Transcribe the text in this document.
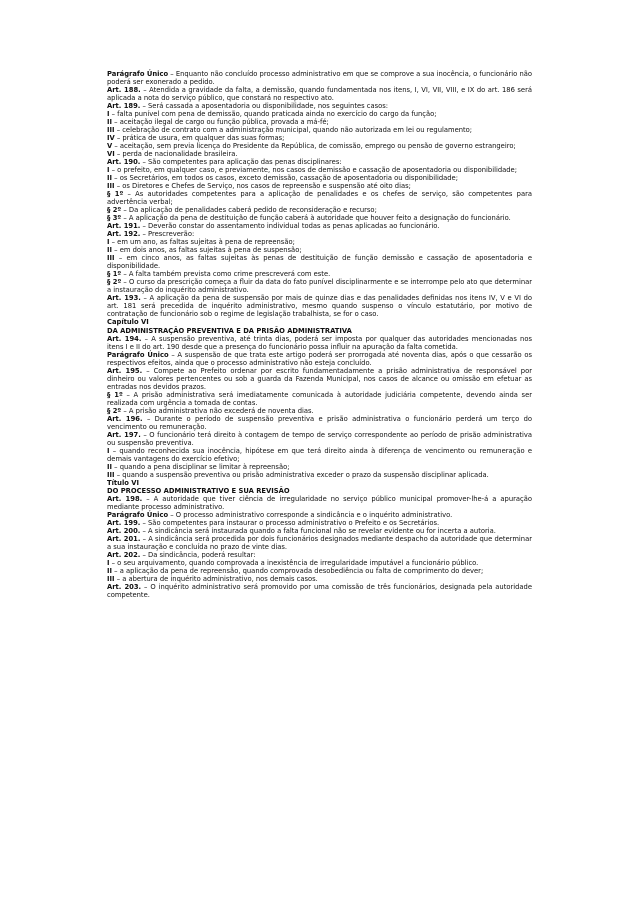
Parágrafo Único – Enquanto não concluído processo administrativo em que se comprove a sua inocência, o funcionário não poderá ser exonerado a pedido.

Art. 188. – Atendida a gravidade da falta, a demissão, quando fundamentada nos itens, I, VI, VII, VIII, e IX do art. 186 será aplicada a nota do serviço público, que constará no respectivo ato.

Art. 189. – Será cassada a aposentadoria ou disponibilidade, nos seguintes casos:

I – falta punível com pena de demissão, quando praticada ainda no exercício do cargo da função;

II – aceitação ilegal de cargo ou função pública, provada a má-fé;

III – celebração de contrato com a administração municipal, quando não autorizada em lei ou regulamento;

IV – prática de usura, em qualquer das suas formas;

V – aceitação, sem previa licença do Presidente da República, de comissão, emprego ou pensão de governo estrangeiro;

VI – perda de nacionalidade brasileira.

Art. 190. – São competentes para aplicação das penas disciplinares:

I – o prefeito, em qualquer caso, e previamente, nos casos de demissão e cassação de aposentadoria ou disponibilidade;

II – os Secretários, em todos os casos, exceto demissão, cassação de aposentadoria ou disponibilidade;

III – os Diretores e Chefes de Serviço, nos casos de repreensão e suspensão até oito dias;

§ 1º – As autoridades competentes para a aplicação de penalidades e os chefes de serviço, são competentes para advertência verbal;

§ 2º – Da aplicação de penalidades caberá pedido de reconsideração e recurso;

§ 3º – A aplicação da pena de destituição de função caberá à autoridade que houver feito a designação do funcionário.

Art. 191. – Deverão constar do assentamento individual todas as penas aplicadas ao funcionário.

Art. 192. – Prescreverão:

I – em um ano, as faltas sujeitas à pena de repreensão;

II – em dois anos, as faltas sujeitas à pena de suspensão;

III – em cinco anos, as faltas sujeitas às penas de destituição de função demissão e cassação de aposentadoria e disponibilidade.

§ 1º – A falta também prevista como crime prescreverá com este.

§ 2º – O curso da prescrição começa a fluir da data do fato punível disciplinarmente e se interrompe pelo ato que determinar a instauração do inquérito administrativo.

Art. 193. – A aplicação da pena de suspensão por mais de quinze dias e das penalidades definidas nos itens IV, V e VI do art. 181 será precedida de inquérito administrativo, mesmo quando suspenso o vínculo estatutário, por motivo de contratação de funcionário sob o regime de legislação trabalhista, se for o caso.

Capítulo VI

DA ADMINISTRAÇÃO PREVENTIVA E DA PRISÃO ADMINISTRATIVA

Art. 194. – A suspensão preventiva, até trinta dias, poderá ser imposta por qualquer das autoridades mencionadas nos itens I e II do art. 190 desde que a presença do funcionário possa influir na apuração da falta cometida.

Parágrafo Único – A suspensão de que trata este artigo poderá ser prorrogada até noventa dias, após o que cessarão os respectivos efeitos, ainda que o processo administrativo não esteja concluído.

Art. 195. – Compete ao Prefeito ordenar por escrito fundamentadamente a prisão administrativa de responsável por dinheiro ou valores pertencentes ou sob a guarda da Fazenda Municipal, nos casos de alcance ou omissão em efetuar as entradas nos devidos prazos.

§ 1º – A prisão administrativa será imediatamente comunicada à autoridade judiciária competente, devendo ainda ser realizada com urgência a tomada de contas.

§ 2º – A prisão administrativa não excederá de noventa dias.

Art. 196. – Durante o período de suspensão preventiva e prisão administrativa o funcionário perderá um terço do vencimento ou remuneração.

Art. 197. – O funcionário terá direito à contagem de tempo de serviço correspondente ao período de prisão administrativa ou suspensão preventiva.

I – quando reconhecida sua inocência, hipótese em que terá direito ainda à diferença de vencimento ou remuneração e demais vantagens do exercício efetivo;

II – quando a pena disciplinar se limitar à repreensão;

III – quando a suspensão preventiva ou prisão administrativa exceder o prazo da suspensão disciplinar aplicada.

Título VI

DO PROCESSO ADMINISTRATIVO E SUA REVISÃO

Art. 198. – A autoridade que tiver ciência de irregularidade no serviço público municipal promover-lhe-á a apuração mediante processo administrativo.

Parágrafo Único – O processo administrativo corresponde a sindicância e o inquérito administrativo.

Art. 199. – São competentes para instaurar o processo administrativo o Prefeito e os Secretários.

Art. 200. – A sindicância será instaurada quando a falta funcional não se revelar evidente ou for incerta a autoria.

Art. 201. – A sindicância será procedida por dois funcionários designados mediante despacho da autoridade que determinar a sua instauração e concluída no prazo de vinte dias.

Art. 202. – Da sindicância, poderá resultar:

I – o seu arquivamento, quando comprovada a inexistência de irregularidade imputável a funcionário público.

II – a aplicação da pena de repreensão, quando comprovada desobediência ou falta de comprimento do dever;

III – a abertura de inquérito administrativo, nos demais casos.

Art. 203. – O inquérito administrativo será promovido por uma comissão de três funcionários, designada pela autoridade competente.
